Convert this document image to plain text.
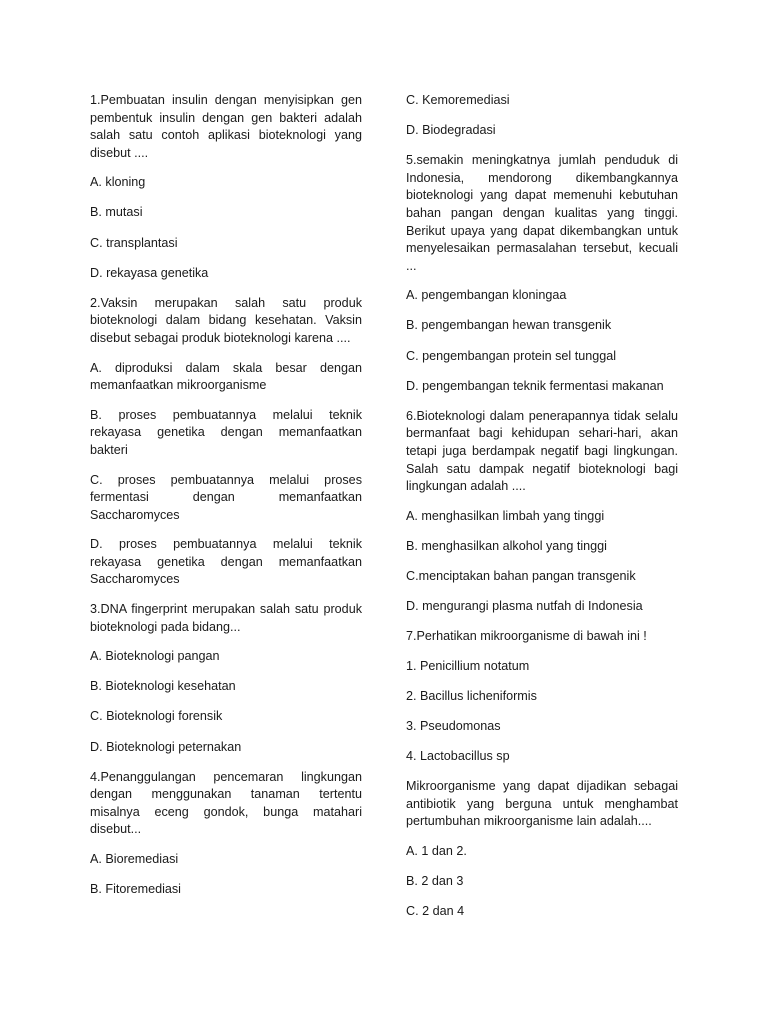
1.Pembuatan insulin dengan menyisipkan gen pembentuk insulin dengan gen bakteri adalah salah satu contoh aplikasi bioteknologi yang disebut ....

A. kloning

B. mutasi

C. transplantasi

D. rekayasa genetika

2.Vaksin merupakan salah satu produk bioteknologi dalam bidang kesehatan. Vaksin disebut sebagai produk bioteknologi karena ....

A. diproduksi dalam skala besar dengan memanfaatkan mikroorganisme

B. proses pembuatannya melalui teknik rekayasa genetika dengan memanfaatkan bakteri

C. proses pembuatannya melalui proses fermentasi dengan memanfaatkan Saccharomyces

D. proses pembuatannya melalui teknik rekayasa genetika dengan memanfaatkan Saccharomyces

3.DNA fingerprint merupakan salah satu produk bioteknologi pada bidang...

A. Bioteknologi pangan

B. Bioteknologi kesehatan

C. Bioteknologi forensik

D. Bioteknologi peternakan

4.Penanggulangan pencemaran lingkungan dengan menggunakan tanaman tertentu misalnya eceng gondok, bunga matahari disebut...

A. Bioremediasi

B. Fitoremediasi

C. Kemoremediasi

D. Biodegradasi

5.semakin meningkatnya jumlah penduduk di Indonesia, mendorong dikembangkannya bioteknologi yang dapat memenuhi kebutuhan bahan pangan dengan kualitas yang tinggi. Berikut upaya yang dapat dikembangkan untuk menyelesaikan permasalahan tersebut, kecuali ...

A. pengembangan kloningaa

B. pengembangan hewan transgenik

C. pengembangan protein sel tunggal

D. pengembangan teknik fermentasi makanan

6.Bioteknologi dalam penerapannya tidak selalu bermanfaat bagi kehidupan sehari-hari, akan tetapi juga berdampak negatif bagi lingkungan. Salah satu dampak negatif bioteknologi bagi lingkungan adalah ....

A. menghasilkan limbah yang tinggi

B. menghasilkan alkohol yang tinggi

C.menciptakan bahan pangan transgenik

D. mengurangi plasma nutfah di Indonesia

7.Perhatikan mikroorganisme di bawah ini !

1. Penicillium notatum

2. Bacillus licheniformis

3. Pseudomonas

4. Lactobacillus sp

Mikroorganisme yang dapat dijadikan sebagai antibiotik yang berguna untuk menghambat pertumbuhan mikroorganisme lain adalah....

A. 1 dan 2.

B. 2 dan 3

C. 2 dan 4
